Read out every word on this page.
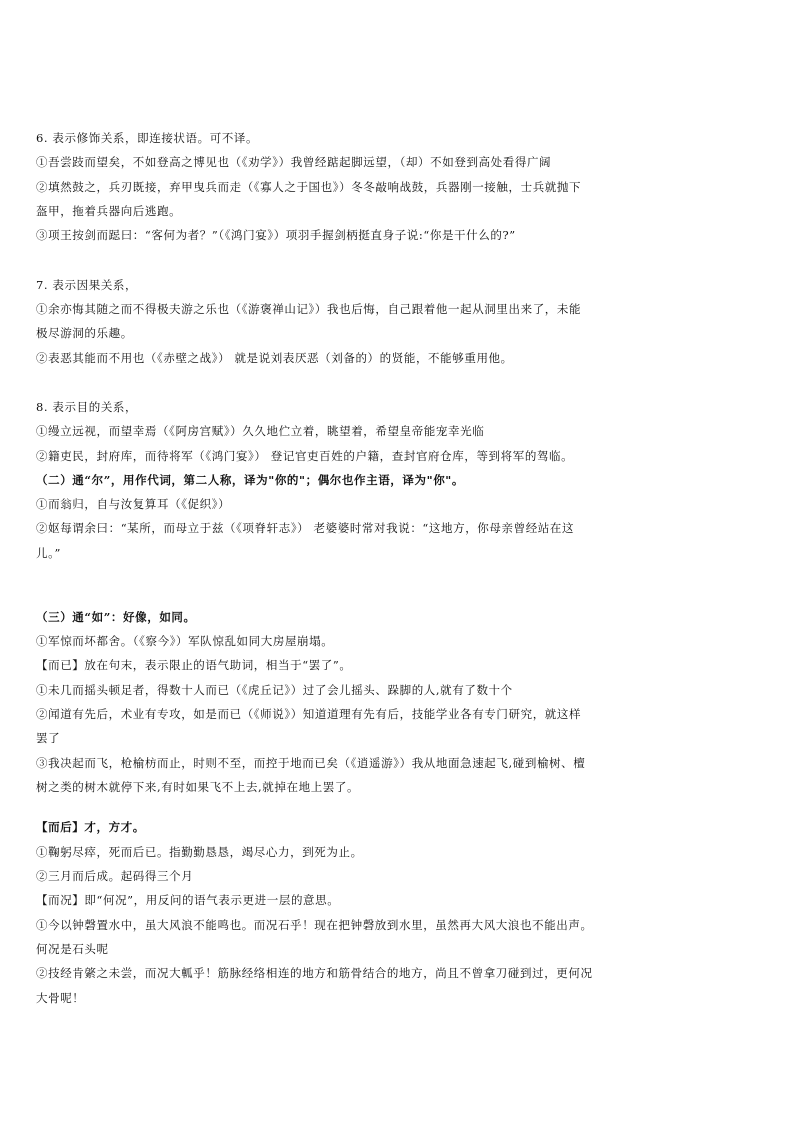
6. 表示修饰关系，即连接状语。可不译。
①吾尝跂而望矣，不如登高之博见也（《劝学》）我曾经踮起脚远望，（却）不如登到高处看得广阔
②填然鼓之，兵刃既接，弃甲曳兵而走（《寡人之于国也》）冬冬敲响战鼓，兵器刚一接触，士兵就抛下
盔甲，拖着兵器向后逃跑。
③项王按剑而跽曰：“客何为者？”（《鸿门宴》）项羽手握剑柄挺直身子说:“你是干什么的?”
7. 表示因果关系，
①余亦悔其随之而不得极夫游之乐也（《游褒禅山记》）我也后悔，自己跟着他一起从洞里出来了，未能
极尽游洞的乐趣。
②表恶其能而不用也（《赤壁之战》） 就是说刘表厌恶（刘备的）的贤能，不能够重用他。
8. 表示目的关系，
①缦立远视，而望幸焉（《阿房宫赋》）久久地伫立着，眺望着，希望皇帝能宠幸光临
②籍吏民，封府库，而待将军（《鸿门宴》） 登记官吏百姓的户籍，查封官府仓库，等到将军的驾临。
（二）通“尔”，用作代词，第二人称，译为"你的"；偶尔也作主语，译为"你"。
①而翁归，自与汝复算耳（《促织》）
②妪每谓余曰：“某所，而母立于兹（《项脊轩志》） 老婆婆时常对我说：“这地方，你母亲曾经站在这
儿。”
（三）通“如”：好像，如同。
①军惊而坏都舍。（《察今》）军队惊乱如同大房屋崩塌。
【而已】放在句末，表示限止的语气助词，相当于“罢了”。
①未几而摇头顿足者，得数十人而已（《虎丘记》）过了会儿摇头、跺脚的人,就有了数十个
②闻道有先后，术业有专攻，如是而已（《师说》）知道道理有先有后，技能学业各有专门研究，就这样
罢了
③我决起而飞，枪榆枋而止，时则不至，而控于地而已矣（《逍遥游》）我从地面急速起飞,碰到榆树、檀
树之类的树木就停下来,有时如果飞不上去,就掉在地上罢了。
【而后】才，方才。
①鞠躬尽瘁，死而后已。指勤勤恳恳，竭尽心力，到死为止。
②三月而后成。起码得三个月
【而况】即“何况”，用反问的语气表示更进一层的意思。
①今以钟磬置水中，虽大风浪不能鸣也。而况石乎！现在把钟磬放到水里，虽然再大风大浪也不能出声。
何况是石头呢
②技经肯綮之未尝，而况大軱乎！筋脉经络相连的地方和筋骨结合的地方，尚且不曾拿刀碰到过，更何况
大骨呢！
